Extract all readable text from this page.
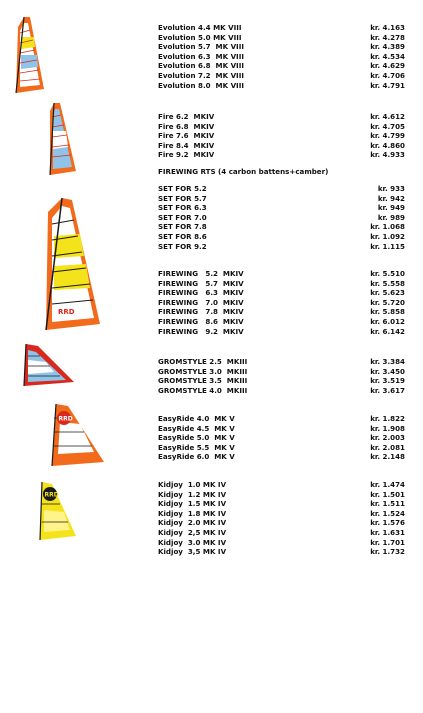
RRD
RRD
RRD
Evolution 4.4 MK VIII	kr. 4.163
Evolution 5.0 MK VIII	kr. 4.278
Evolution 5.7  MK VIII	kr. 4.389
Evolution 6.3  MK VIII	kr. 4.534
Evolution 6.8  MK VIII	kr. 4.629
Evolution 7.2  MK VIII	kr. 4.706
Evolution 8.0  MK VIII	kr. 4.791
Fire 6.2  MKIV	kr. 4.612
Fire 6.8  MKIV	kr. 4.705
Fire 7.6  MKIV	kr. 4.799
Fire 8.4  MKIV	kr. 4.860
Fire 9.2  MKIV	kr. 4.933
FIREWING RTS (4 carbon battens+camber)
SET FOR 5.2	kr. 933
SET FOR 5.7	kr. 942
SET FOR 6.3	kr. 949
SET FOR 7.0	kr. 989
SET FOR 7.8	kr. 1.068
SET FOR 8.6	kr. 1.092
SET FOR 9.2	kr. 1.115
FIREWING   5.2  MKIV	kr. 5.510
FIREWING   5.7  MKIV	kr. 5.558
FIREWING   6.3  MKIV	kr. 5.623
FIREWING   7.0  MKIV	kr. 5.720
FIREWING   7.8  MKIV	kr. 5.858
FIREWING   8.6  MKIV	kr. 6.012
FIREWING   9.2  MKIV	kr. 6.142
GROMSTYLE 2.5  MKIII	kr. 3.384
GROMSTYLE 3.0  MKIII	kr. 3.450
GROMSTYLE 3.5  MKIII	kr. 3.519
GROMSTYLE 4.0  MKIII	kr. 3.617
EasyRide 4.0  MK V	kr. 1.822
EasyRide 4.5  MK V	kr. 1.908
EasyRide 5.0  MK V	kr. 2.003
EasyRide 5.5  MK V	kr. 2.081
EasyRide 6.0  MK V	kr. 2.148
Kidjoy  1.0 MK IV	kr. 1.474
Kidjoy  1.2 MK IV	kr. 1.501
Kidjoy  1.5 MK IV	kr. 1.511
Kidjoy  1.8 MK IV	kr. 1.524
Kidjoy  2.0 MK IV	kr. 1.576
Kidjoy  2,5 MK IV	kr. 1.631
Kidjoy  3.0 MK IV	kr. 1.701
Kidjoy  3,5 MK IV	kr. 1.732
